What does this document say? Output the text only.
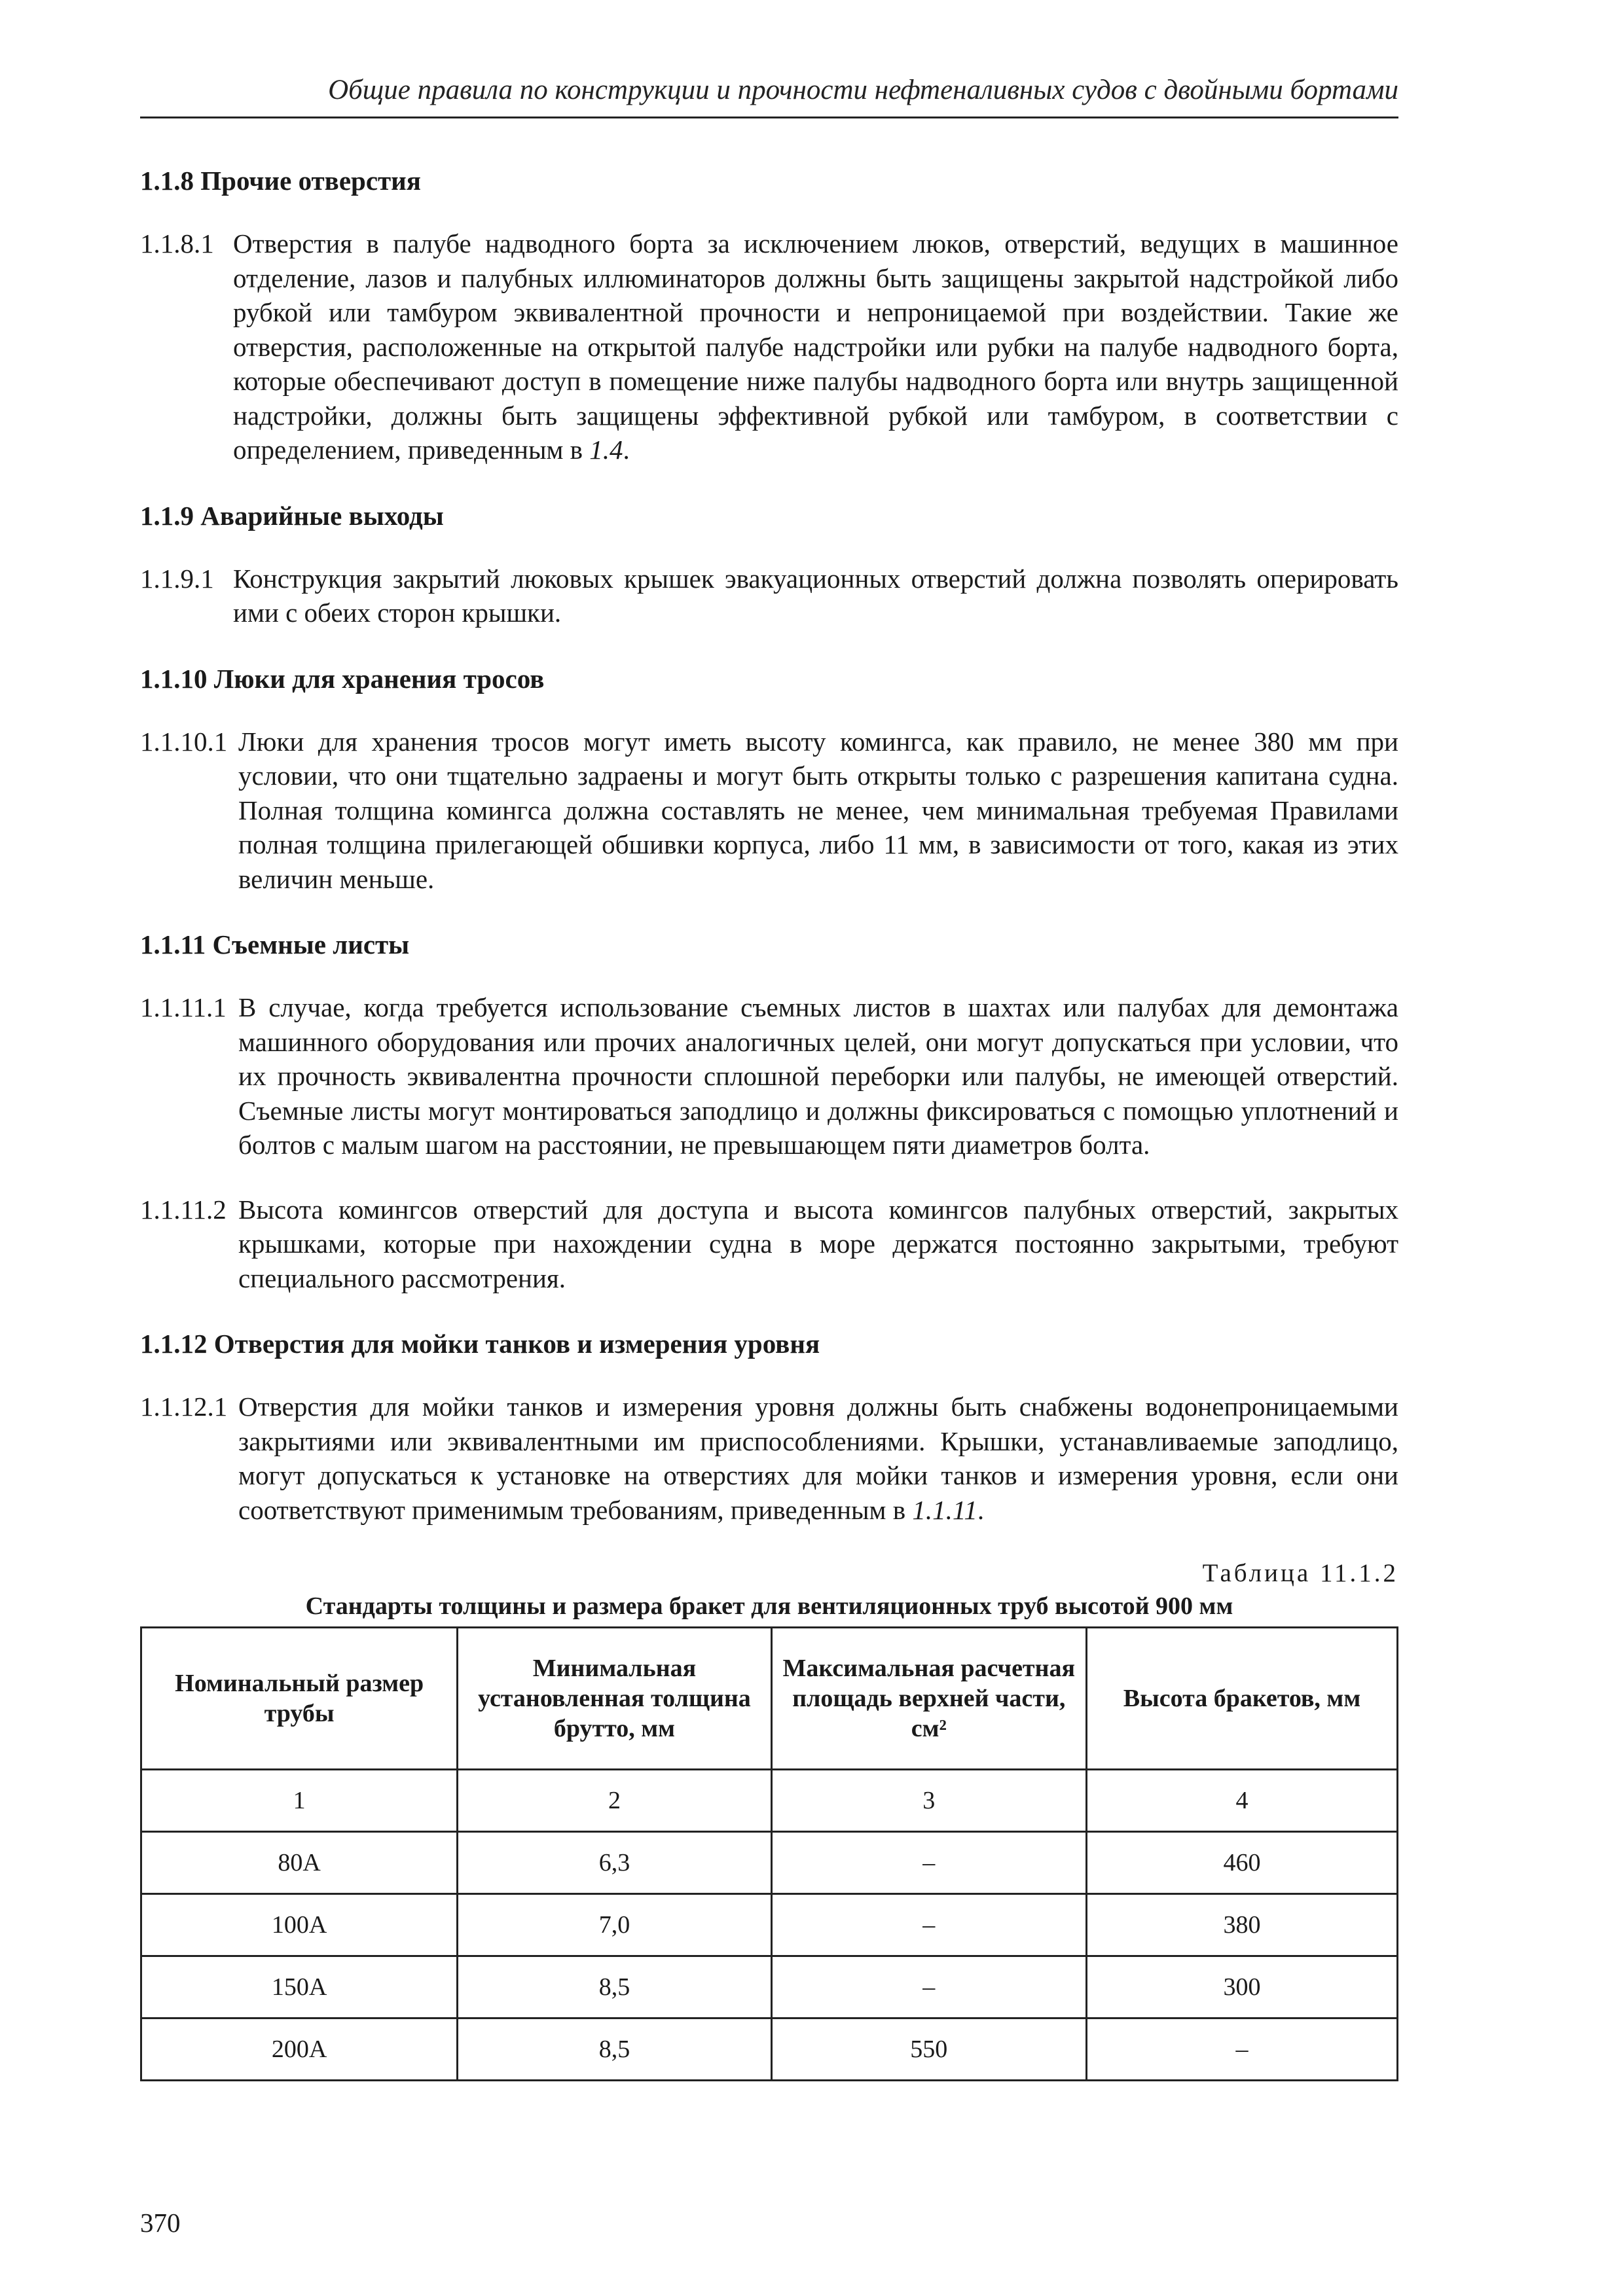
Общие правила по конструкции и прочности нефтеналивных судов с двойными бортами
1.1.8 Прочие отверстия
1.1.8.1 Отверстия в палубе надводного борта за исключением люков, отверстий, ведущих в машинное отделение, лазов и палубных иллюминаторов должны быть защищены закрытой надстройкой либо рубкой или тамбуром эквивалентной прочности и непроницаемой при воздействии. Такие же отверстия, расположенные на открытой палубе надстройки или рубки на палубе надводного борта, которые обеспечивают доступ в помещение ниже палубы надводного борта или внутрь защищенной надстройки, должны быть защищены эффективной рубкой или тамбуром, в соответствии с определением, приведенным в 1.4.
1.1.9 Аварийные выходы
1.1.9.1 Конструкция закрытий люковых крышек эвакуационных отверстий должна позволять оперировать ими с обеих сторон крышки.
1.1.10 Люки для хранения тросов
1.1.10.1 Люки для хранения тросов могут иметь высоту комингса, как правило, не менее 380 мм при условии, что они тщательно задраены и могут быть открыты только с разрешения капитана судна. Полная толщина комингса должна составлять не менее, чем минимальная требуемая Правилами полная толщина прилегающей обшивки корпуса, либо 11 мм, в зависимости от того, какая из этих величин меньше.
1.1.11 Съемные листы
1.1.11.1 В случае, когда требуется использование съемных листов в шахтах или палубах для демонтажа машинного оборудования или прочих аналогичных целей, они могут допускаться при условии, что их прочность эквивалентна прочности сплошной переборки или палубы, не имеющей отверстий. Съемные листы могут монтироваться заподлицо и должны фиксироваться с помощью уплотнений и болтов с малым шагом на расстоянии, не превышающем пяти диаметров болта.
1.1.11.2 Высота комингсов отверстий для доступа и высота комингсов палубных отверстий, закрытых крышками, которые при нахождении судна в море держатся постоянно закрытыми, требуют специального рассмотрения.
1.1.12 Отверстия для мойки танков и измерения уровня
1.1.12.1 Отверстия для мойки танков и измерения уровня должны быть снабжены водонепроницаемыми закрытиями или эквивалентными им приспособлениями. Крышки, устанавливаемые заподлицо, могут допускаться к установке на отверстиях для мойки танков и измерения уровня, если они соответствуют применимым требованиям, приведенным в 1.1.11.
Таблица 11.1.2
Стандарты толщины и размера бракет для вентиляционных труб высотой 900 мм
Номинальный размер трубы	Минимальная установленная толщина брутто, мм	Максимальная расчетная площадь верхней части, см²	Высота бракетов, мм
1	2	3	4
80A	6,3	–	460
100A	7,0	–	380
150A	8,5	–	300
200A	8,5	550	–
370
